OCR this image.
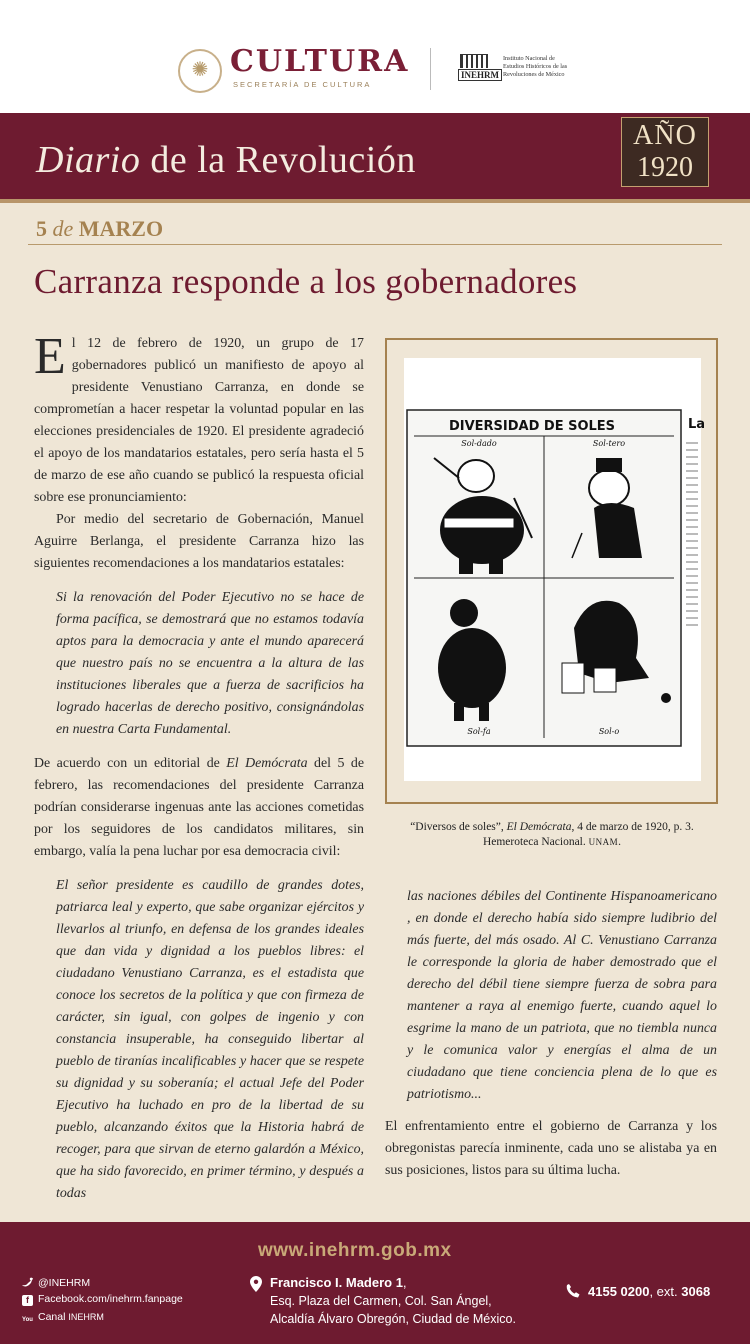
✺ CULTURA
SECRETARÍA DE CULTURA
INEHRM
Instituto Nacional de
Estudios Históricos de las
Revoluciones de México
Diario de la Revolución
AÑO
1920
5 de MARZO
Carranza responde a los gobernadores

El 12 de febrero de 1920, un grupo de 17 gobernadores publicó un manifiesto de apoyo al presidente Venustiano Carranza, en donde se comprometían a hacer respetar la voluntad popular en las elecciones presidenciales de 1920. El presidente agradeció el apoyo de los mandatarios estatales, pero sería hasta el 5 de marzo de ese año cuando se publicó la respuesta oficial sobre ese pronunciamiento:

Por medio del secretario de Gobernación, Manuel Aguirre Berlanga, el presidente Carranza hizo las siguientes recomendaciones a los mandatarios estatales:

Si la renovación del Poder Ejecutivo no se hace de forma pacífica, se demostrará que no estamos todavía aptos para la democracia y ante el mundo aparecerá que nuestro país no se encuentra a la altura de las instituciones liberales que a fuerza de sacrificios ha logrado hacerlas de derecho positivo, consignándolas en nuestra Carta Fundamental.

De acuerdo con un editorial de El Demócrata del 5 de febrero, las recomendaciones del presidente Carranza podrían considerarse ingenuas ante las acciones cometidas por los seguidores de los candidatos militares, sin embargo, valía la pena luchar por esa democracia civil:

El señor presidente es caudillo de grandes dotes, patriarca leal y experto, que sabe organizar ejércitos y llevarlos al triunfo, en defensa de los grandes ideales que dan vida y dignidad a los pueblos libres: el ciudadano Venustiano Carranza, es el estadista que conoce los secretos de la política y que con firmeza de carácter, sin igual, con golpes de ingenio y con constancia insuperable, ha conseguido libertar al pueblo de tiranías incalificables y hacer que se respete su dignidad y su soberanía; el actual Jefe del Poder Ejecutivo ha luchado en pro de la libertad de su pueblo, alcanzando éxitos que la Historia habrá de recoger, para que sirvan de eterno galardón a México, que ha sido favorecido, en primer término, y después a todas

las naciones débiles del Continente Hispanoamericano , en donde el derecho había sido siempre ludibrio del más fuerte, del más osado. Al C. Venustiano Carranza le corresponde la gloria de haber demostrado que el derecho del débil tiene siempre fuerza de sobra para mantener a raya al enemigo fuerte, cuando aquel lo esgrime la mano de un patriota, que no tiembla nunca y le comunica valor y energías el alma de un ciudadano que tiene conciencia plena de lo que es patriotismo...

El enfrentamiento entre el gobierno de Carranza y los obregonistas parecía inminente, cada uno se alistaba ya en sus posiciones, listos para su última lucha.

DIVERSIDAD DE SOLES	La
Sol-dado	Sol-tero
Sol-fa	Sol-o
“Diversos de soles”, El Demócrata, 4 de marzo de 1920, p. 3.
Hemeroteca Nacional. UNAM.
www.inehrm.gob.mx
@INEHRM
f Facebook.com/inehrm.fanpage
You Canal INEHRM
Francisco I. Madero 1,
Esq. Plaza del Carmen, Col. San Ángel,
Alcaldía Álvaro Obregón, Ciudad de México.
4155 0200, ext. 3068
